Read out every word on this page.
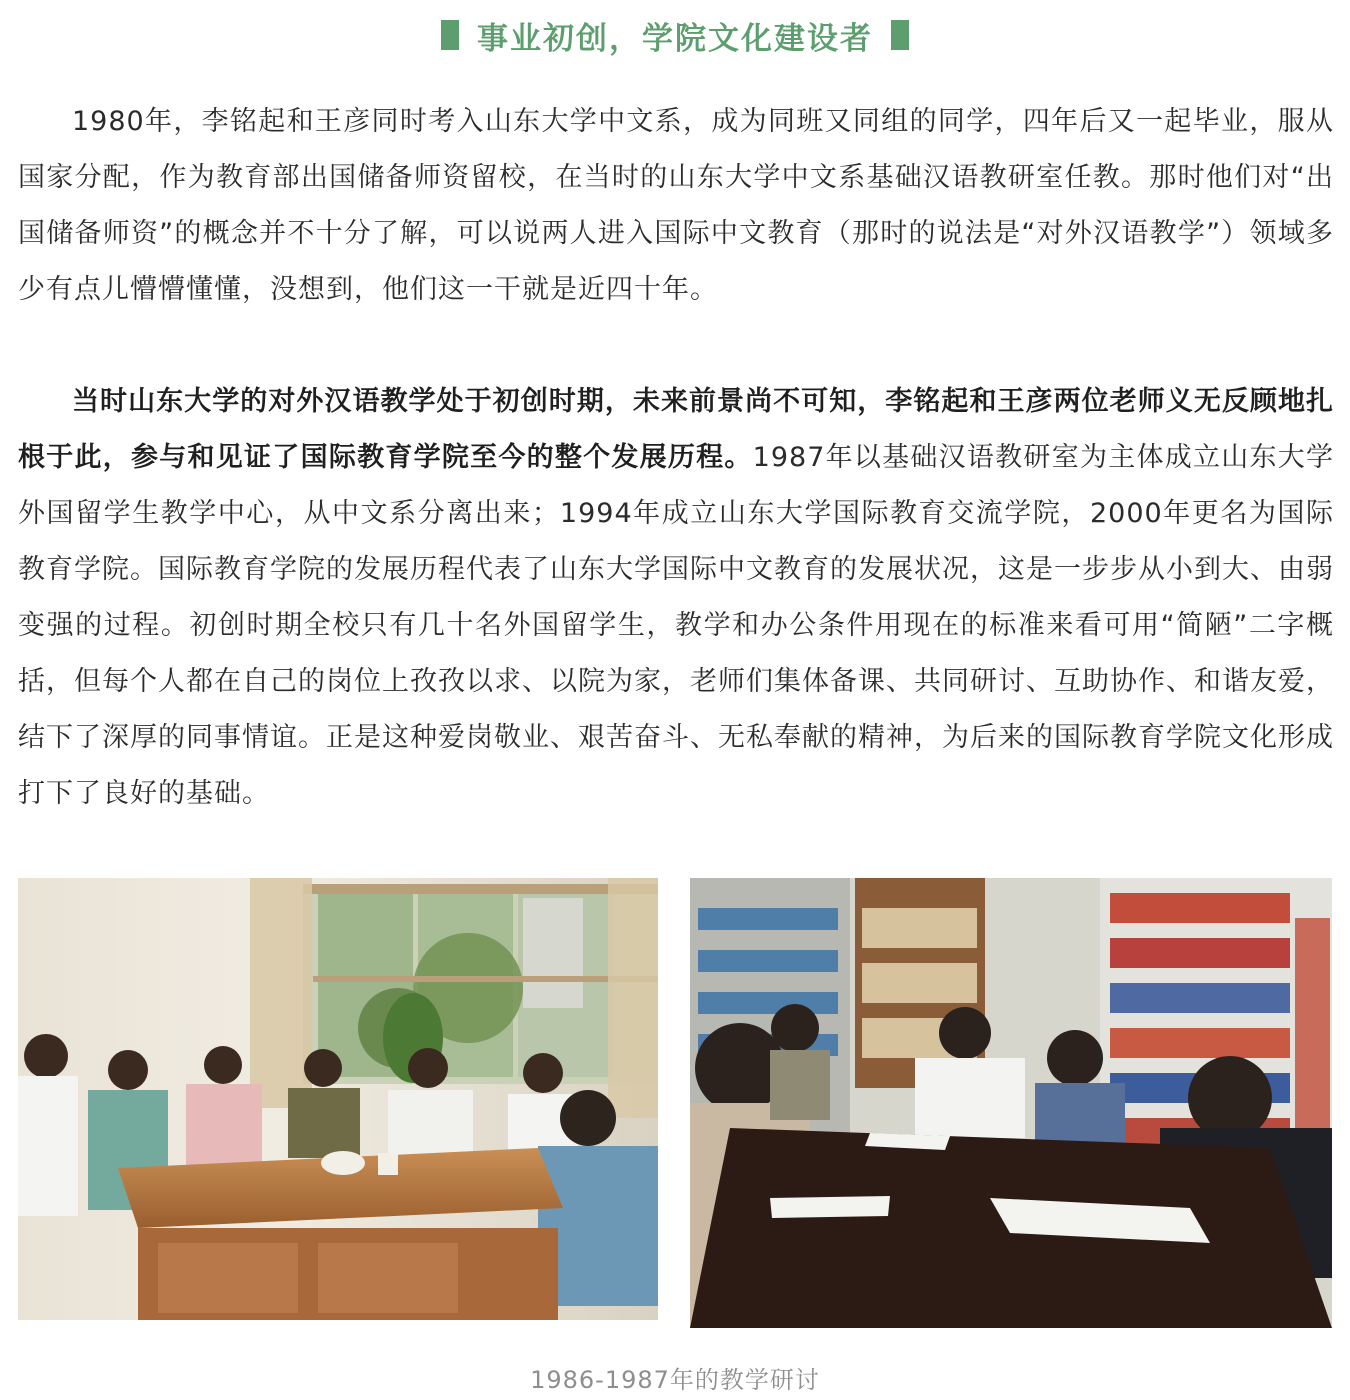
事业初创，学院文化建设者

1980年，李铭起和王彦同时考入山东大学中文系，成为同班又同组的同学，四年后又一起毕业，服从国家分配，作为教育部出国储备师资留校，在当时的山东大学中文系基础汉语教研室任教。那时他们对“出国储备师资”的概念并不十分了解，可以说两人进入国际中文教育（那时的说法是“对外汉语教学”）领域多少有点儿懵懵懂懂，没想到，他们这一干就是近四十年。

当时山东大学的对外汉语教学处于初创时期，未来前景尚不可知，李铭起和王彦两位老师义无反顾地扎根于此，参与和见证了国际教育学院至今的整个发展历程。1987年以基础汉语教研室为主体成立山东大学外国留学生教学中心，从中文系分离出来；1994年成立山东大学国际教育交流学院，2000年更名为国际教育学院。国际教育学院的发展历程代表了山东大学国际中文教育的发展状况，这是一步步从小到大、由弱变强的过程。初创时期全校只有几十名外国留学生，教学和办公条件用现在的标准来看可用“简陋”二字概括，但每个人都在自己的岗位上孜孜以求、以院为家，老师们集体备课、共同研讨、互助协作、和谐友爱，结下了深厚的同事情谊。正是这种爱岗敬业、艰苦奋斗、无私奉献的精神，为后来的国际教育学院文化形成打下了良好的基础。

1986-1987年的教学研讨
